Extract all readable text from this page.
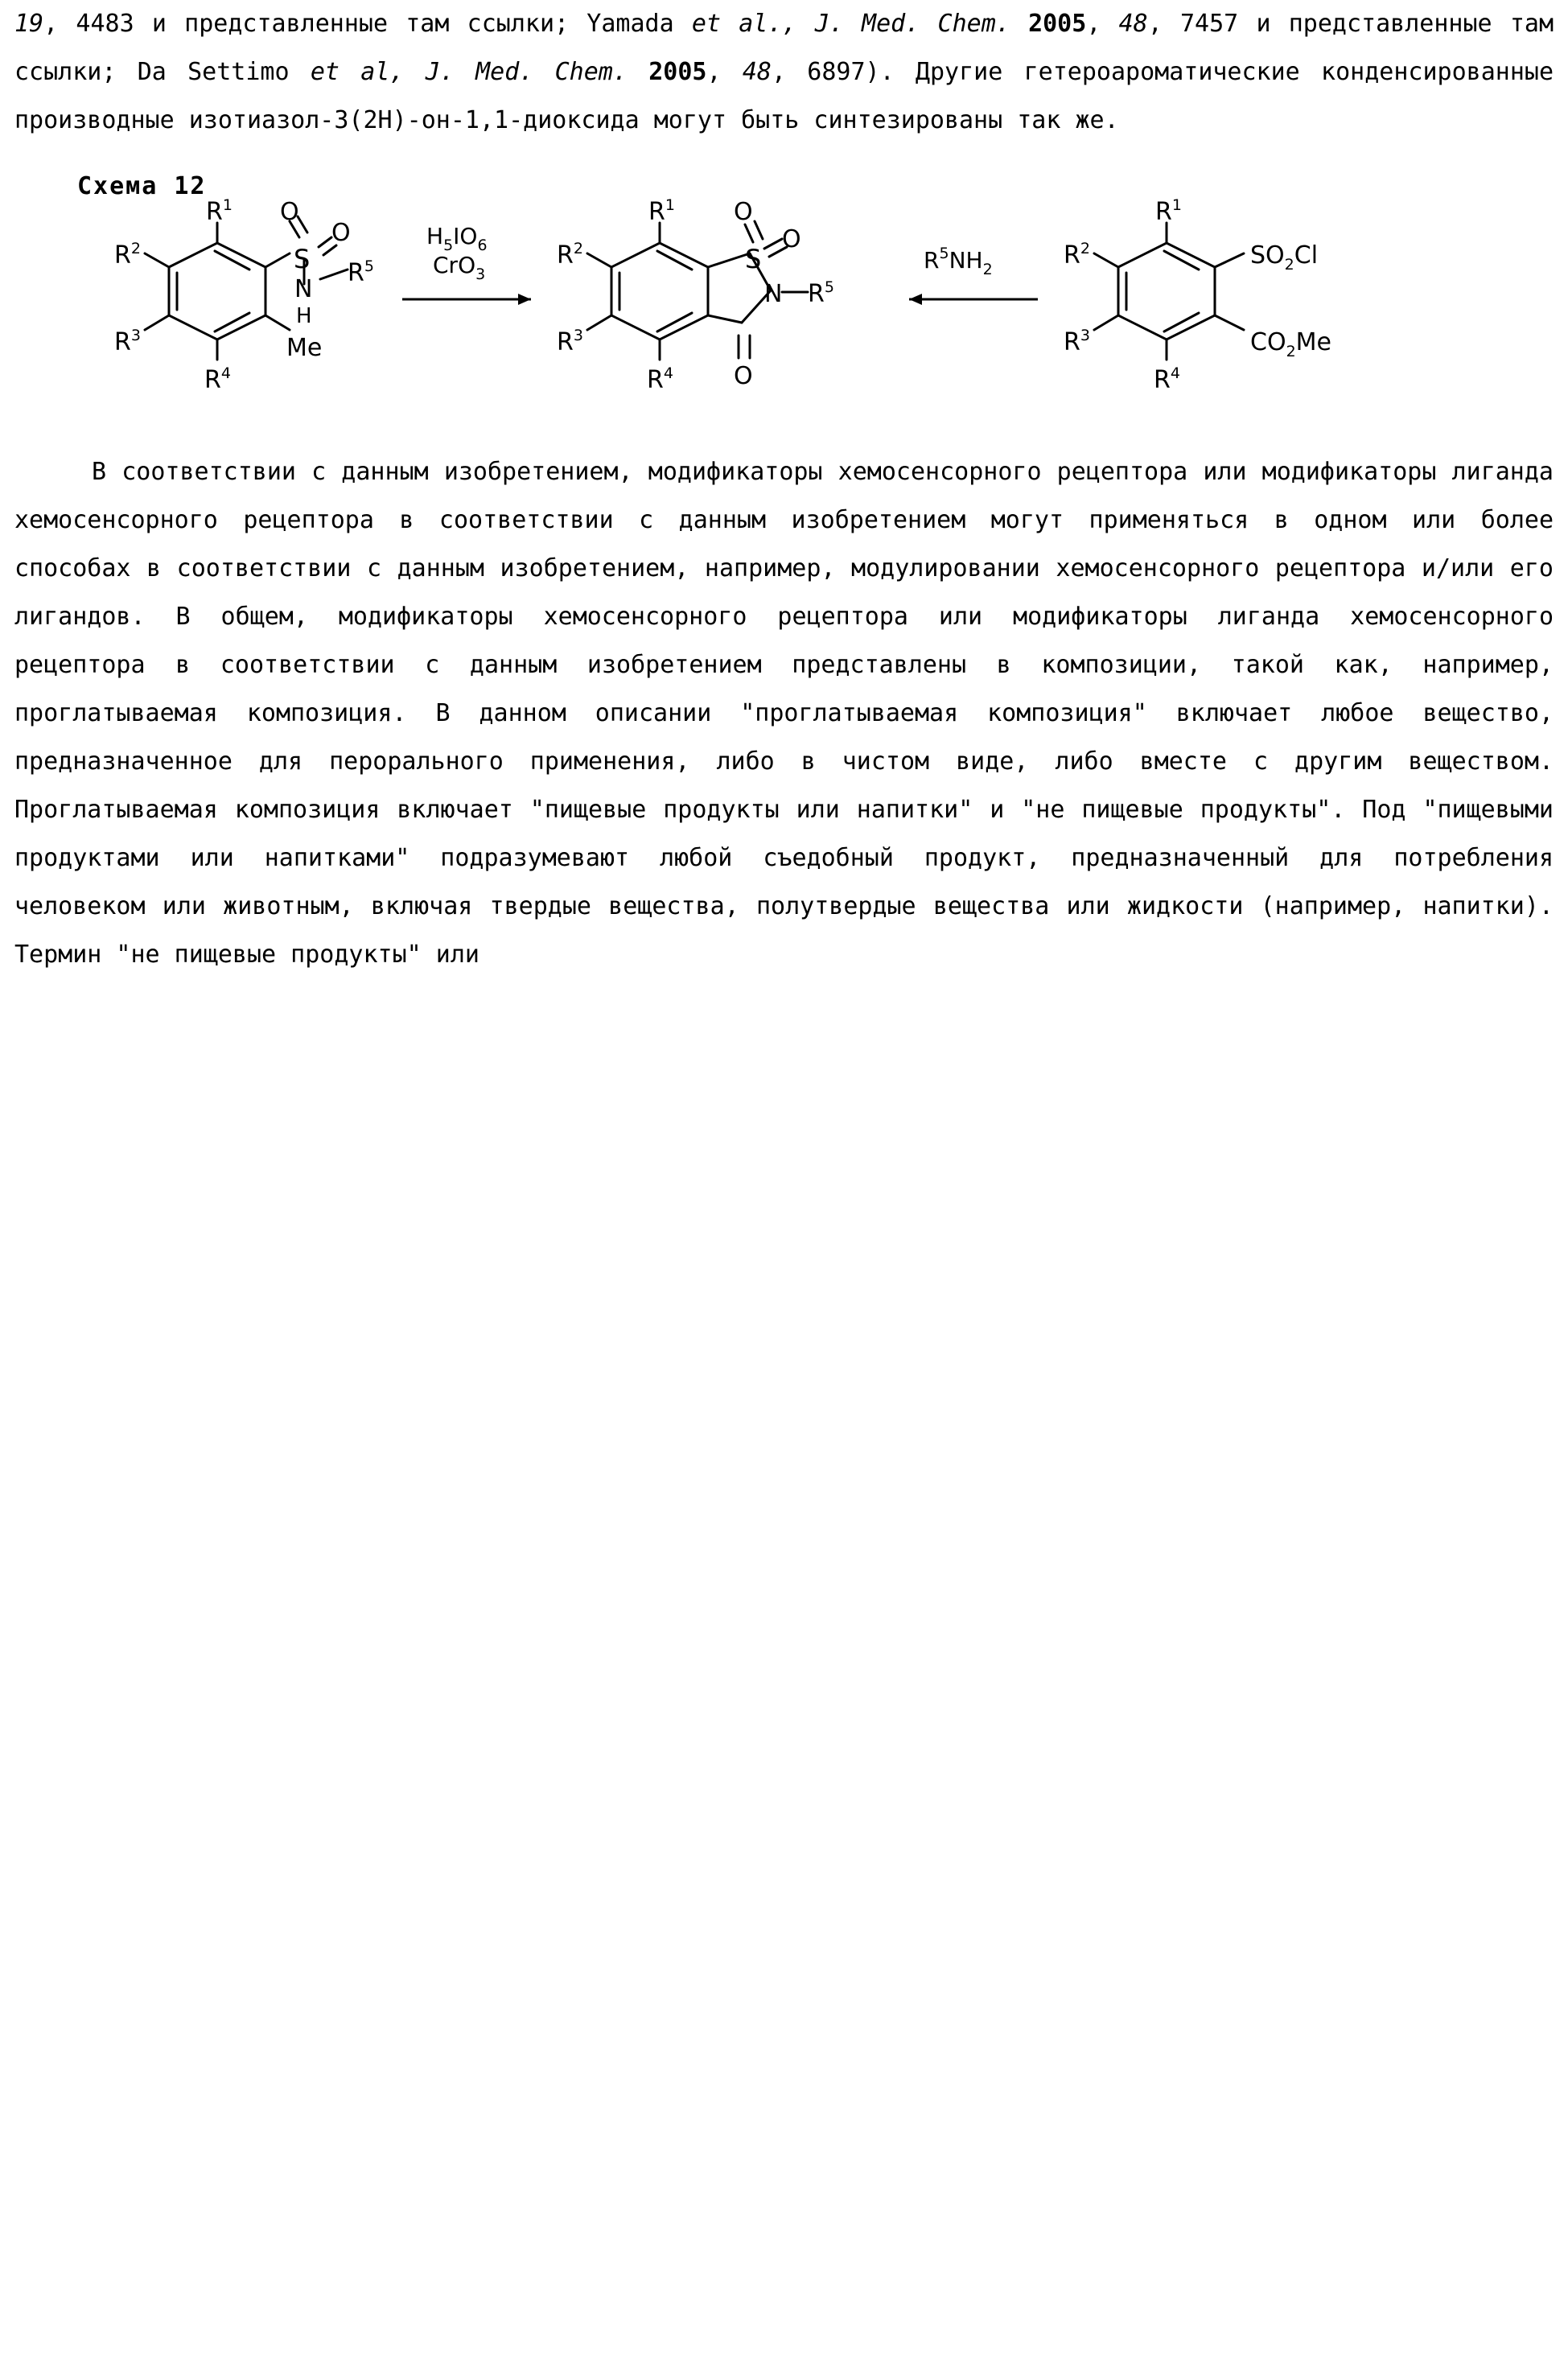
19, 4483 и представленные там ссылки; Yamada et al., J. Med. Chem. 2005, 48, 7457 и представленные там ссылки; Da Settimo et al, J. Med. Chem. 2005, 48, 6897). Другие гетероароматические конденсированные производные изотиазол-3(2H)-он-1,1-диоксида могут быть синтезированы так же.

Схема 12
$R^2$
$R^3$
$R^1$
$R^4$
Me
S
O
O
N
H
$R^5$
$H_5IO_6$
CrO$_3$
$R^2$
$R^3$
$R^1$
$R^4$
S
O
O
N $R^5$
O
$R^5NH_2$	$R^2$
$R^3$
$R^1$
$R^4$
$SO_2Cl$
$CO_2Me$

В соответствии с данным изобретением, модификаторы хемосенсорного рецептора или модификаторы лиганда хемосенсорного рецептора в соответствии с данным изобретением могут применяться в одном или более способах в соответствии с данным изобретением, например, модулировании хемосенсорного рецептора и/или его лигандов. В общем, модификаторы хемосенсорного рецептора или модификаторы лиганда хемосенсорного рецептора в соответствии с данным изобретением представлены в композиции, такой как, например, проглатываемая композиция. В данном описании "проглатываемая композиция" включает любое вещество, предназначенное для перорального применения, либо в чистом виде, либо вместе с другим веществом. Проглатываемая композиция включает "пищевые продукты или напитки" и "не пищевые продукты". Под "пищевыми продуктами или напитками" подразумевают любой съедобный продукт, предназначенный для потребления человеком или животным, включая твердые вещества, полутвердые вещества или жидкости (например, напитки). Термин "не пищевые продукты" или
